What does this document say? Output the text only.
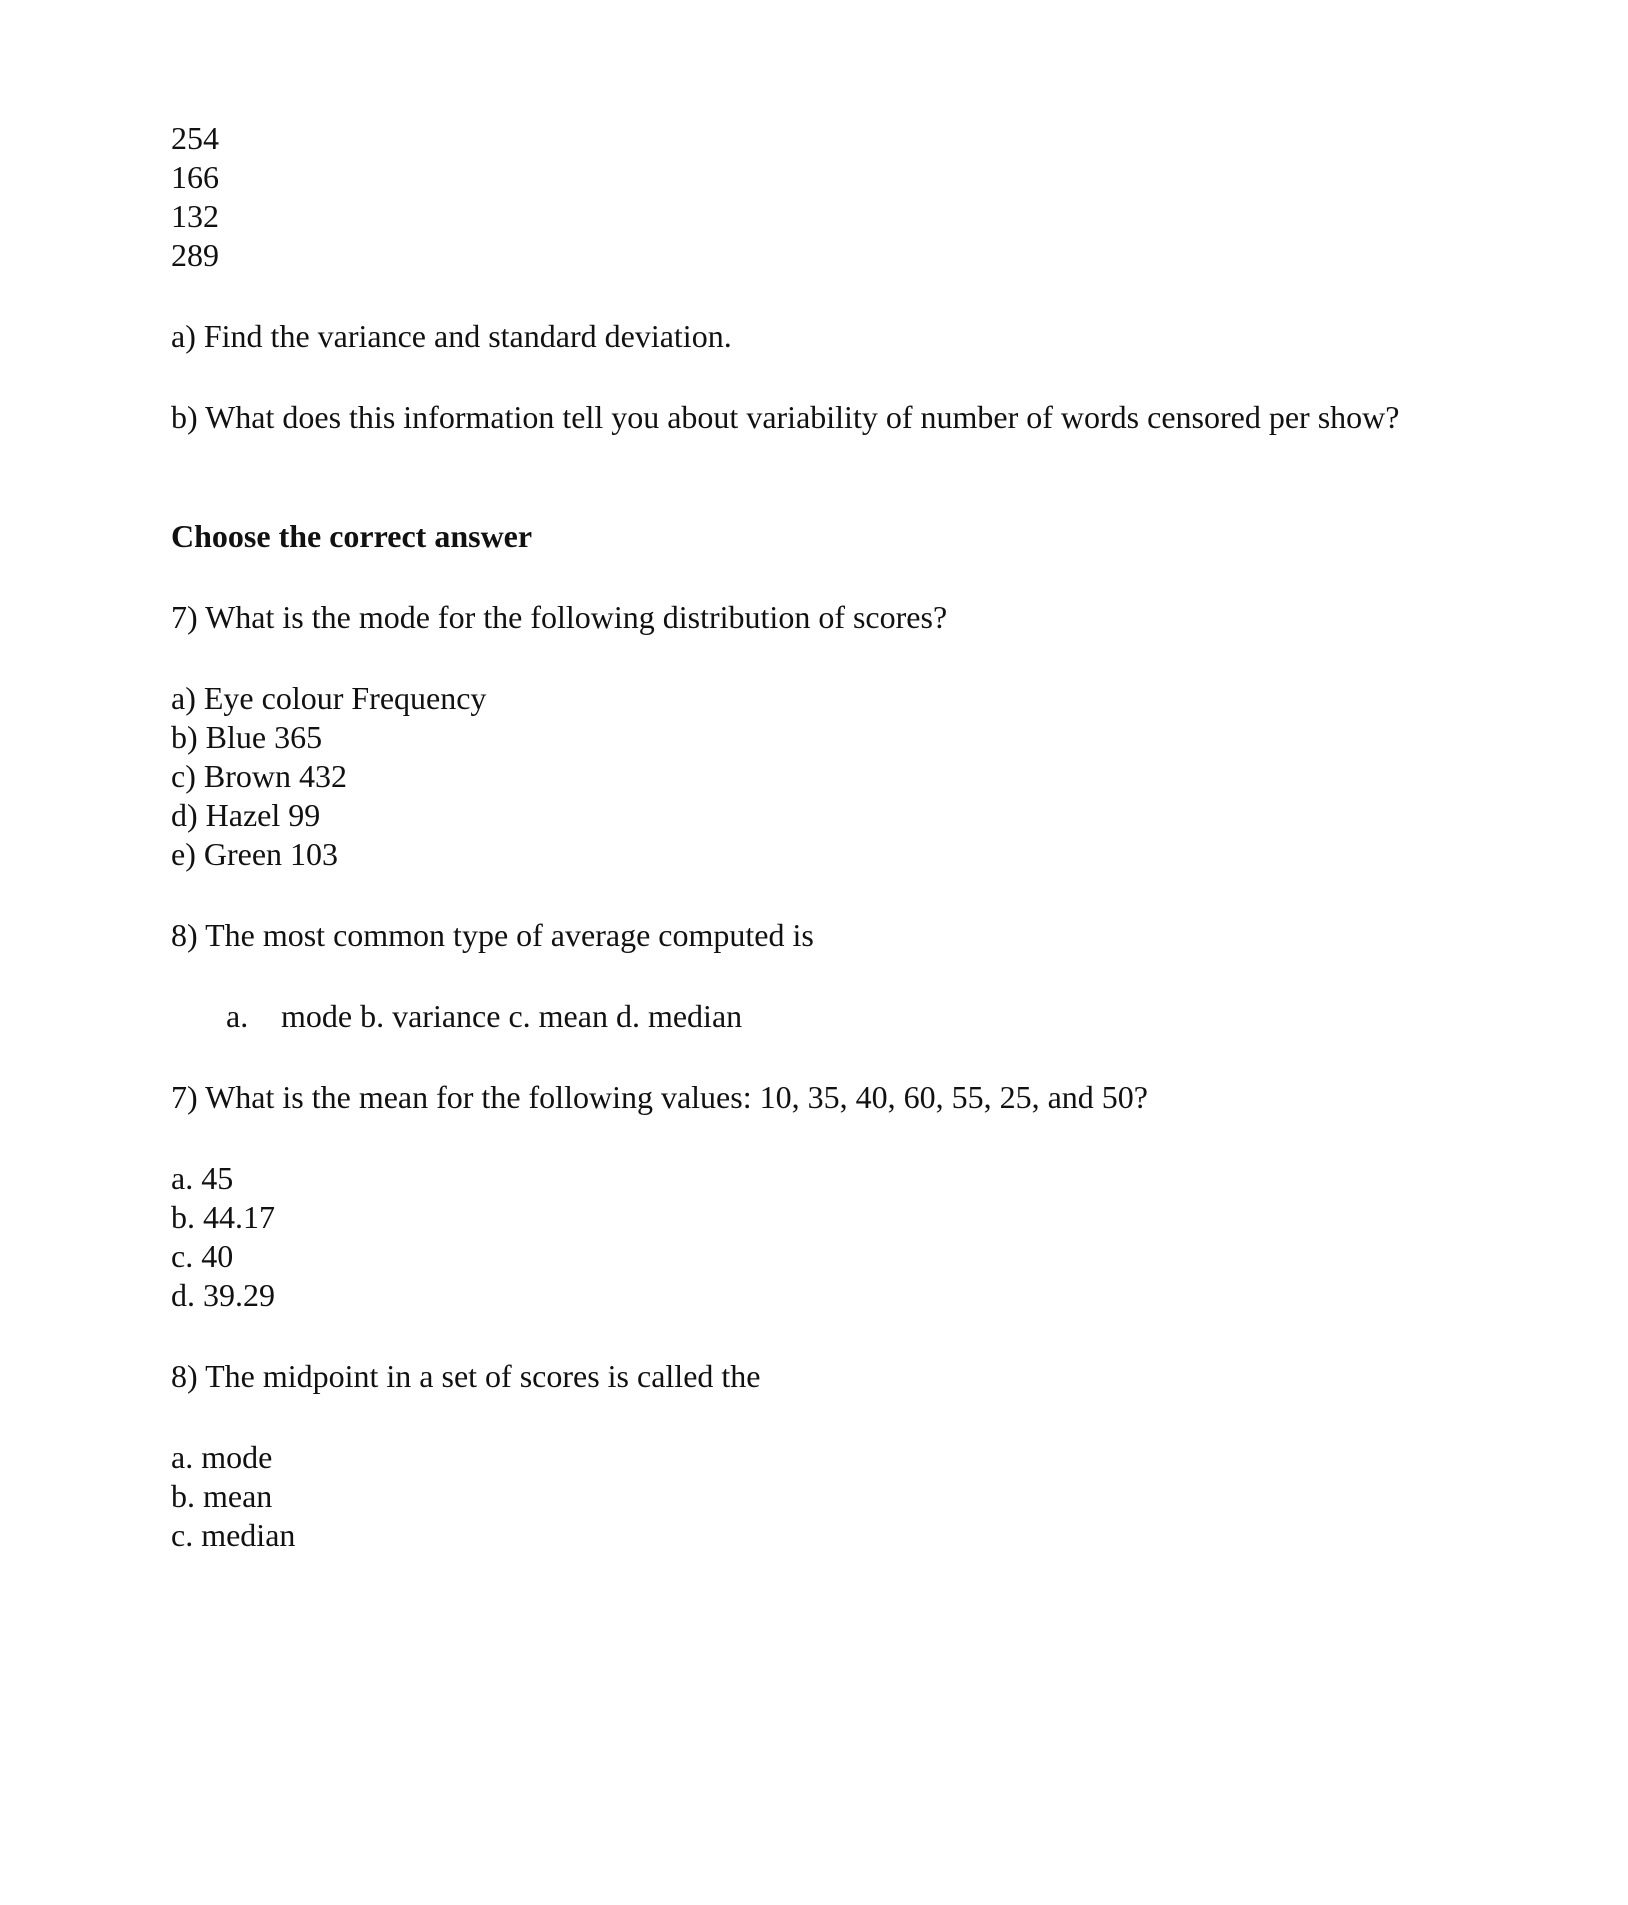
254
166
132
289
a) Find the variance and standard deviation.
b) What does this information tell you about variability of number of words censored per show?
Choose the correct answer
7) What is the mode for the following distribution of scores?
a) Eye colour Frequency
b) Blue 365
c) Brown 432
d) Hazel 99
e) Green 103
8) The most common type of average computed is
a.	mode b. variance c. mean d. median
7) What is the mean for the following values: 10, 35, 40, 60, 55, 25, and 50?
a. 45
b. 44.17
c. 40
d. 39.29
8) The midpoint in a set of scores is called the
a. mode
b. mean
c. median
